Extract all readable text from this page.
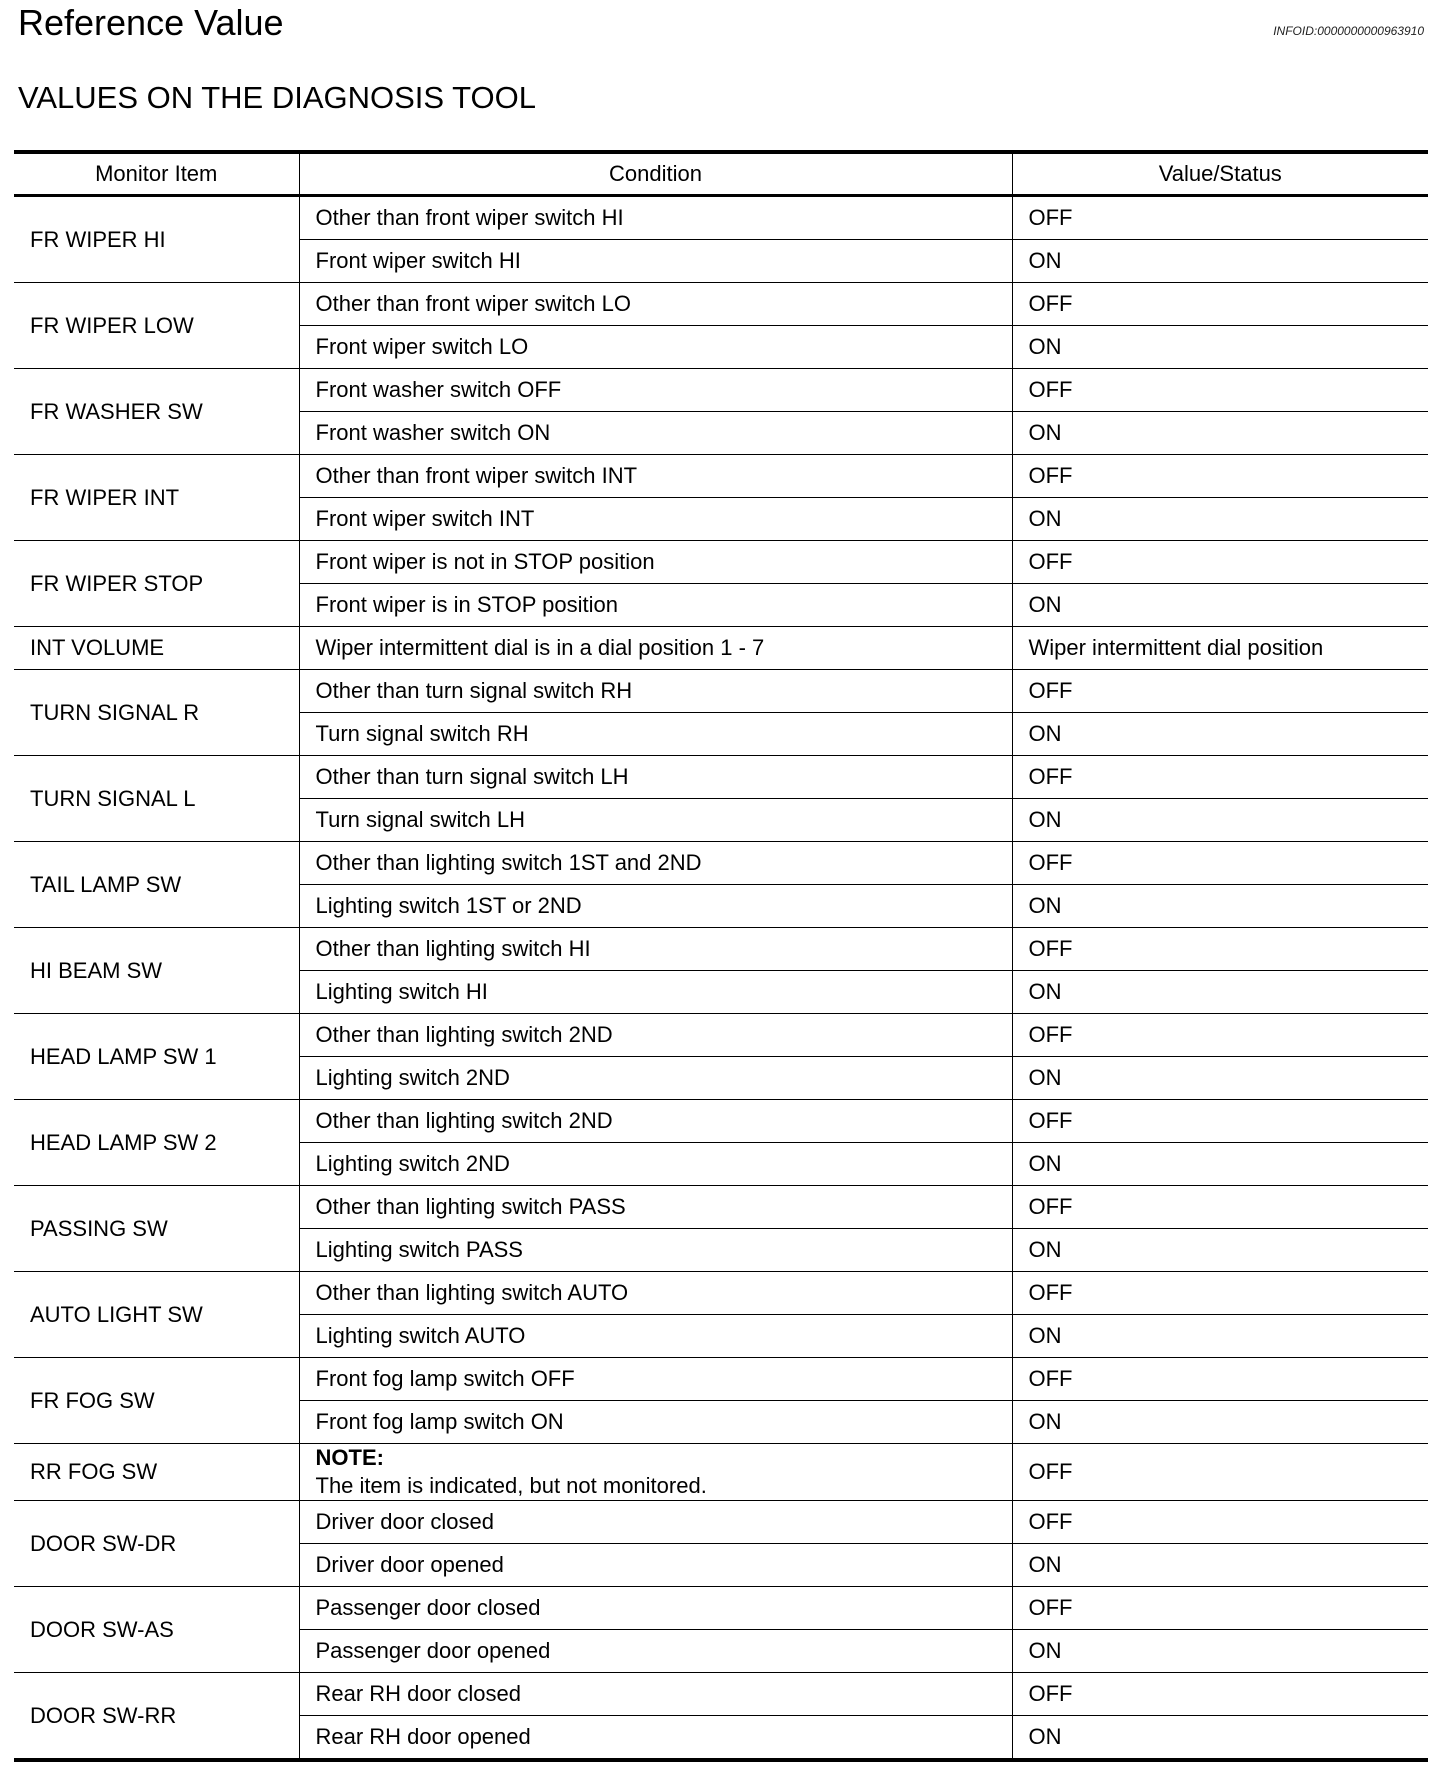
Reference Value	INFOID:0000000000963910
VALUES ON THE DIAGNOSIS TOOL
Monitor Item	Condition	Value/Status
FR WIPER HI	Other than front wiper switch HI	OFF
	Front wiper switch HI	ON
FR WIPER LOW	Other than front wiper switch LO	OFF
	Front wiper switch LO	ON
FR WASHER SW	Front washer switch OFF	OFF
	Front washer switch ON	ON
FR WIPER INT	Other than front wiper switch INT	OFF
	Front wiper switch INT	ON
FR WIPER STOP	Front wiper is not in STOP position	OFF
	Front wiper is in STOP position	ON
INT VOLUME	Wiper intermittent dial is in a dial position 1 - 7	Wiper intermittent dial position
TURN SIGNAL R	Other than turn signal switch RH	OFF
	Turn signal switch RH	ON
TURN SIGNAL L	Other than turn signal switch LH	OFF
	Turn signal switch LH	ON
TAIL LAMP SW	Other than lighting switch 1ST and 2ND	OFF
	Lighting switch 1ST or 2ND	ON
HI BEAM SW	Other than lighting switch HI	OFF
	Lighting switch HI	ON
HEAD LAMP SW 1	Other than lighting switch 2ND	OFF
	Lighting switch 2ND	ON
HEAD LAMP SW 2	Other than lighting switch 2ND	OFF
	Lighting switch 2ND	ON
PASSING SW	Other than lighting switch PASS	OFF
	Lighting switch PASS	ON
AUTO LIGHT SW	Other than lighting switch AUTO	OFF
	Lighting switch AUTO	ON
FR FOG SW	Front fog lamp switch OFF	OFF
	Front fog lamp switch ON	ON
RR FOG SW	NOTE:
The item is indicated, but not monitored.	OFF
DOOR SW-DR	Driver door closed	OFF
	Driver door opened	ON
DOOR SW-AS	Passenger door closed	OFF
	Passenger door opened	ON
DOOR SW-RR	Rear RH door closed	OFF
	Rear RH door opened	ON
